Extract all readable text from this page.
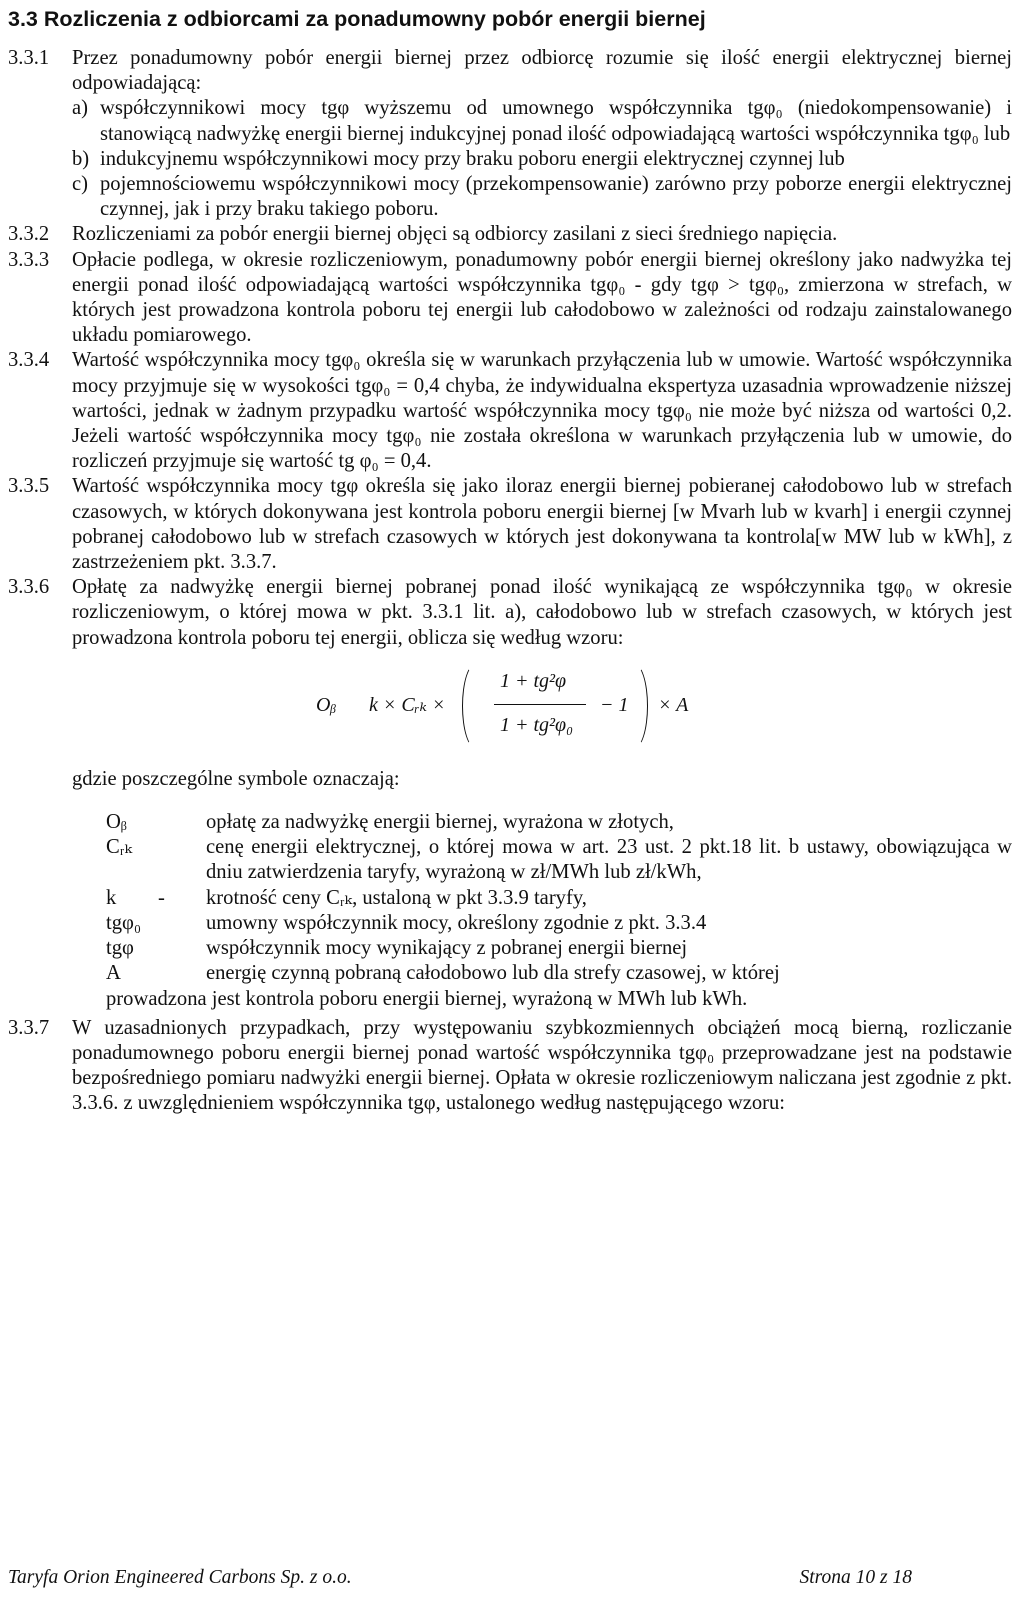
3.3 Rozliczenia z odbiorcami za ponadumowny pobór energii biernej
3.3.1	Przez ponadumowny pobór energii biernej przez odbiorcę rozumie się ilość energii elektrycznej biernej odpowiadającą:
a) współczynnikowi mocy tgφ wyższemu od umownego współczynnika tgφ₀ (niedokompensowanie) i stanowiącą nadwyżkę energii biernej indukcyjnej ponad ilość odpowiadającą wartości współczynnika tgφ₀ lub
b) indukcyjnemu współczynnikowi mocy przy braku poboru energii elektrycznej czynnej lub
c) pojemnościowemu współczynnikowi mocy (przekompensowanie) zarówno przy poborze energii elektrycznej czynnej, jak i przy braku takiego poboru.
3.3.2	Rozliczeniami za pobór energii biernej objęci są odbiorcy zasilani z sieci średniego napięcia.
3.3.3	Opłacie podlega, w okresie rozliczeniowym, ponadumowny pobór energii biernej określony jako nadwyżka tej energii ponad ilość odpowiadającą wartości współczynnika tgφ₀ - gdy tgφ > tgφ₀, zmierzona w strefach, w których jest prowadzona kontrola poboru tej energii lub całodobowo w zależności od rodzaju zainstalowanego układu pomiarowego.
3.3.4	Wartość współczynnika mocy tgφ₀ określa się w warunkach przyłączenia lub w umowie. Wartość współczynnika mocy przyjmuje się w wysokości tgφ₀ = 0,4 chyba, że indywidualna ekspertyza uzasadnia wprowadzenie niższej wartości, jednak w żadnym przypadku wartość współczynnika mocy tgφ₀ nie może być niższa od wartości 0,2. Jeżeli wartość współczynnika mocy tgφ₀ nie została określona w warunkach przyłączenia lub w umowie, do rozliczeń przyjmuje się wartość tg φ₀ = 0,4.
3.3.5	Wartość współczynnika mocy tgφ określa się jako iloraz energii biernej pobieranej całodobowo lub w strefach czasowych, w których dokonywana jest kontrola poboru energii biernej [w Mvarh lub w kvarh] i energii czynnej pobranej całodobowo lub w strefach czasowych w których jest dokonywana ta kontrola[w MW lub w kWh], z zastrzeżeniem pkt. 3.3.7.
3.3.6	Opłatę za nadwyżkę energii biernej pobranej ponad ilość wynikającą ze współczynnika tgφ₀ w okresie rozliczeniowym, o której mowa w pkt. 3.3.1 lit. a), całodobowo lub w strefach czasowych, w których jest prowadzona kontrola poboru tej energii, oblicza się według wzoru:
Oᵦ k × Cᵣₖ ×
1 + tg²φ
1 + tg²φ₀
− 1 × A
gdzie poszczególne symbole oznaczają:
Oᵦ	opłatę za nadwyżkę energii biernej, wyrażona w złotych,
Cᵣₖ	cenę energii elektrycznej, o której mowa w art. 23 ust. 2 pkt.18 lit. b ustawy, obowiązująca w dniu zatwierdzenia taryfy, wyrażoną w zł/MWh lub zł/kWh,
k	-	krotność ceny Cᵣₖ, ustaloną w pkt 3.3.9 taryfy,
tgφ₀	umowny współczynnik mocy, określony zgodnie z pkt. 3.3.4
tgφ	współczynnik mocy wynikający z pobranej energii biernej
A	energię czynną pobraną całodobowo lub dla strefy czasowej, w której
prowadzona jest kontrola poboru energii biernej, wyrażoną w MWh lub kWh.
3.3.7	W uzasadnionych przypadkach, przy występowaniu szybkozmiennych obciążeń mocą bierną, rozliczanie ponadumownego poboru energii biernej ponad wartość współczynnika tgφ₀ przeprowadzane jest na podstawie bezpośredniego pomiaru nadwyżki energii biernej. Opłata w okresie rozliczeniowym naliczana jest zgodnie z pkt. 3.3.6. z uwzględnieniem współczynnika tgφ, ustalonego według następującego wzoru:
Taryfa Orion Engineered Carbons Sp. z o.o.	Strona 10 z 18
